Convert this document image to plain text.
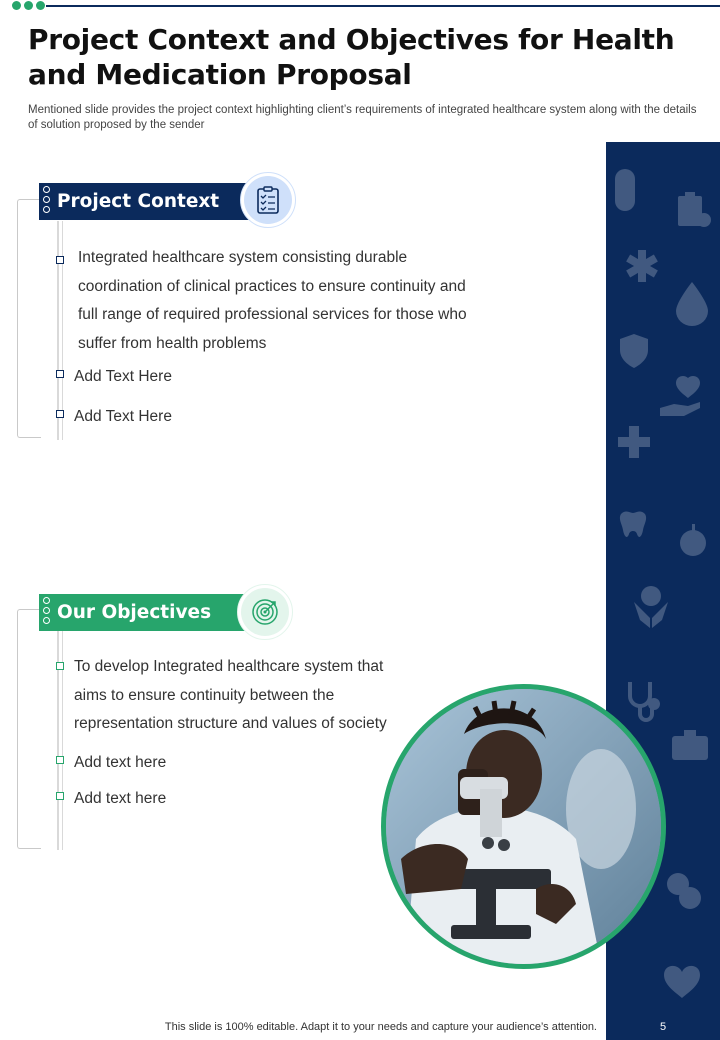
Project Context and Objectives for Health and Medication Proposal

Mentioned slide provides the project context highlighting client’s requirements of integrated healthcare system along with the details of solution proposed by the sender

Project Context

Integrated healthcare system consisting durable coordination of clinical practices to ensure continuity and full range of required professional services for those who suffer from health problems

Add Text Here

Add Text Here

Our Objectives

To develop Integrated healthcare system that aims to ensure continuity between the representation structure and values of society

Add text here

Add text here

This slide is 100% editable. Adapt it to your needs and capture your audience’s attention.	5
